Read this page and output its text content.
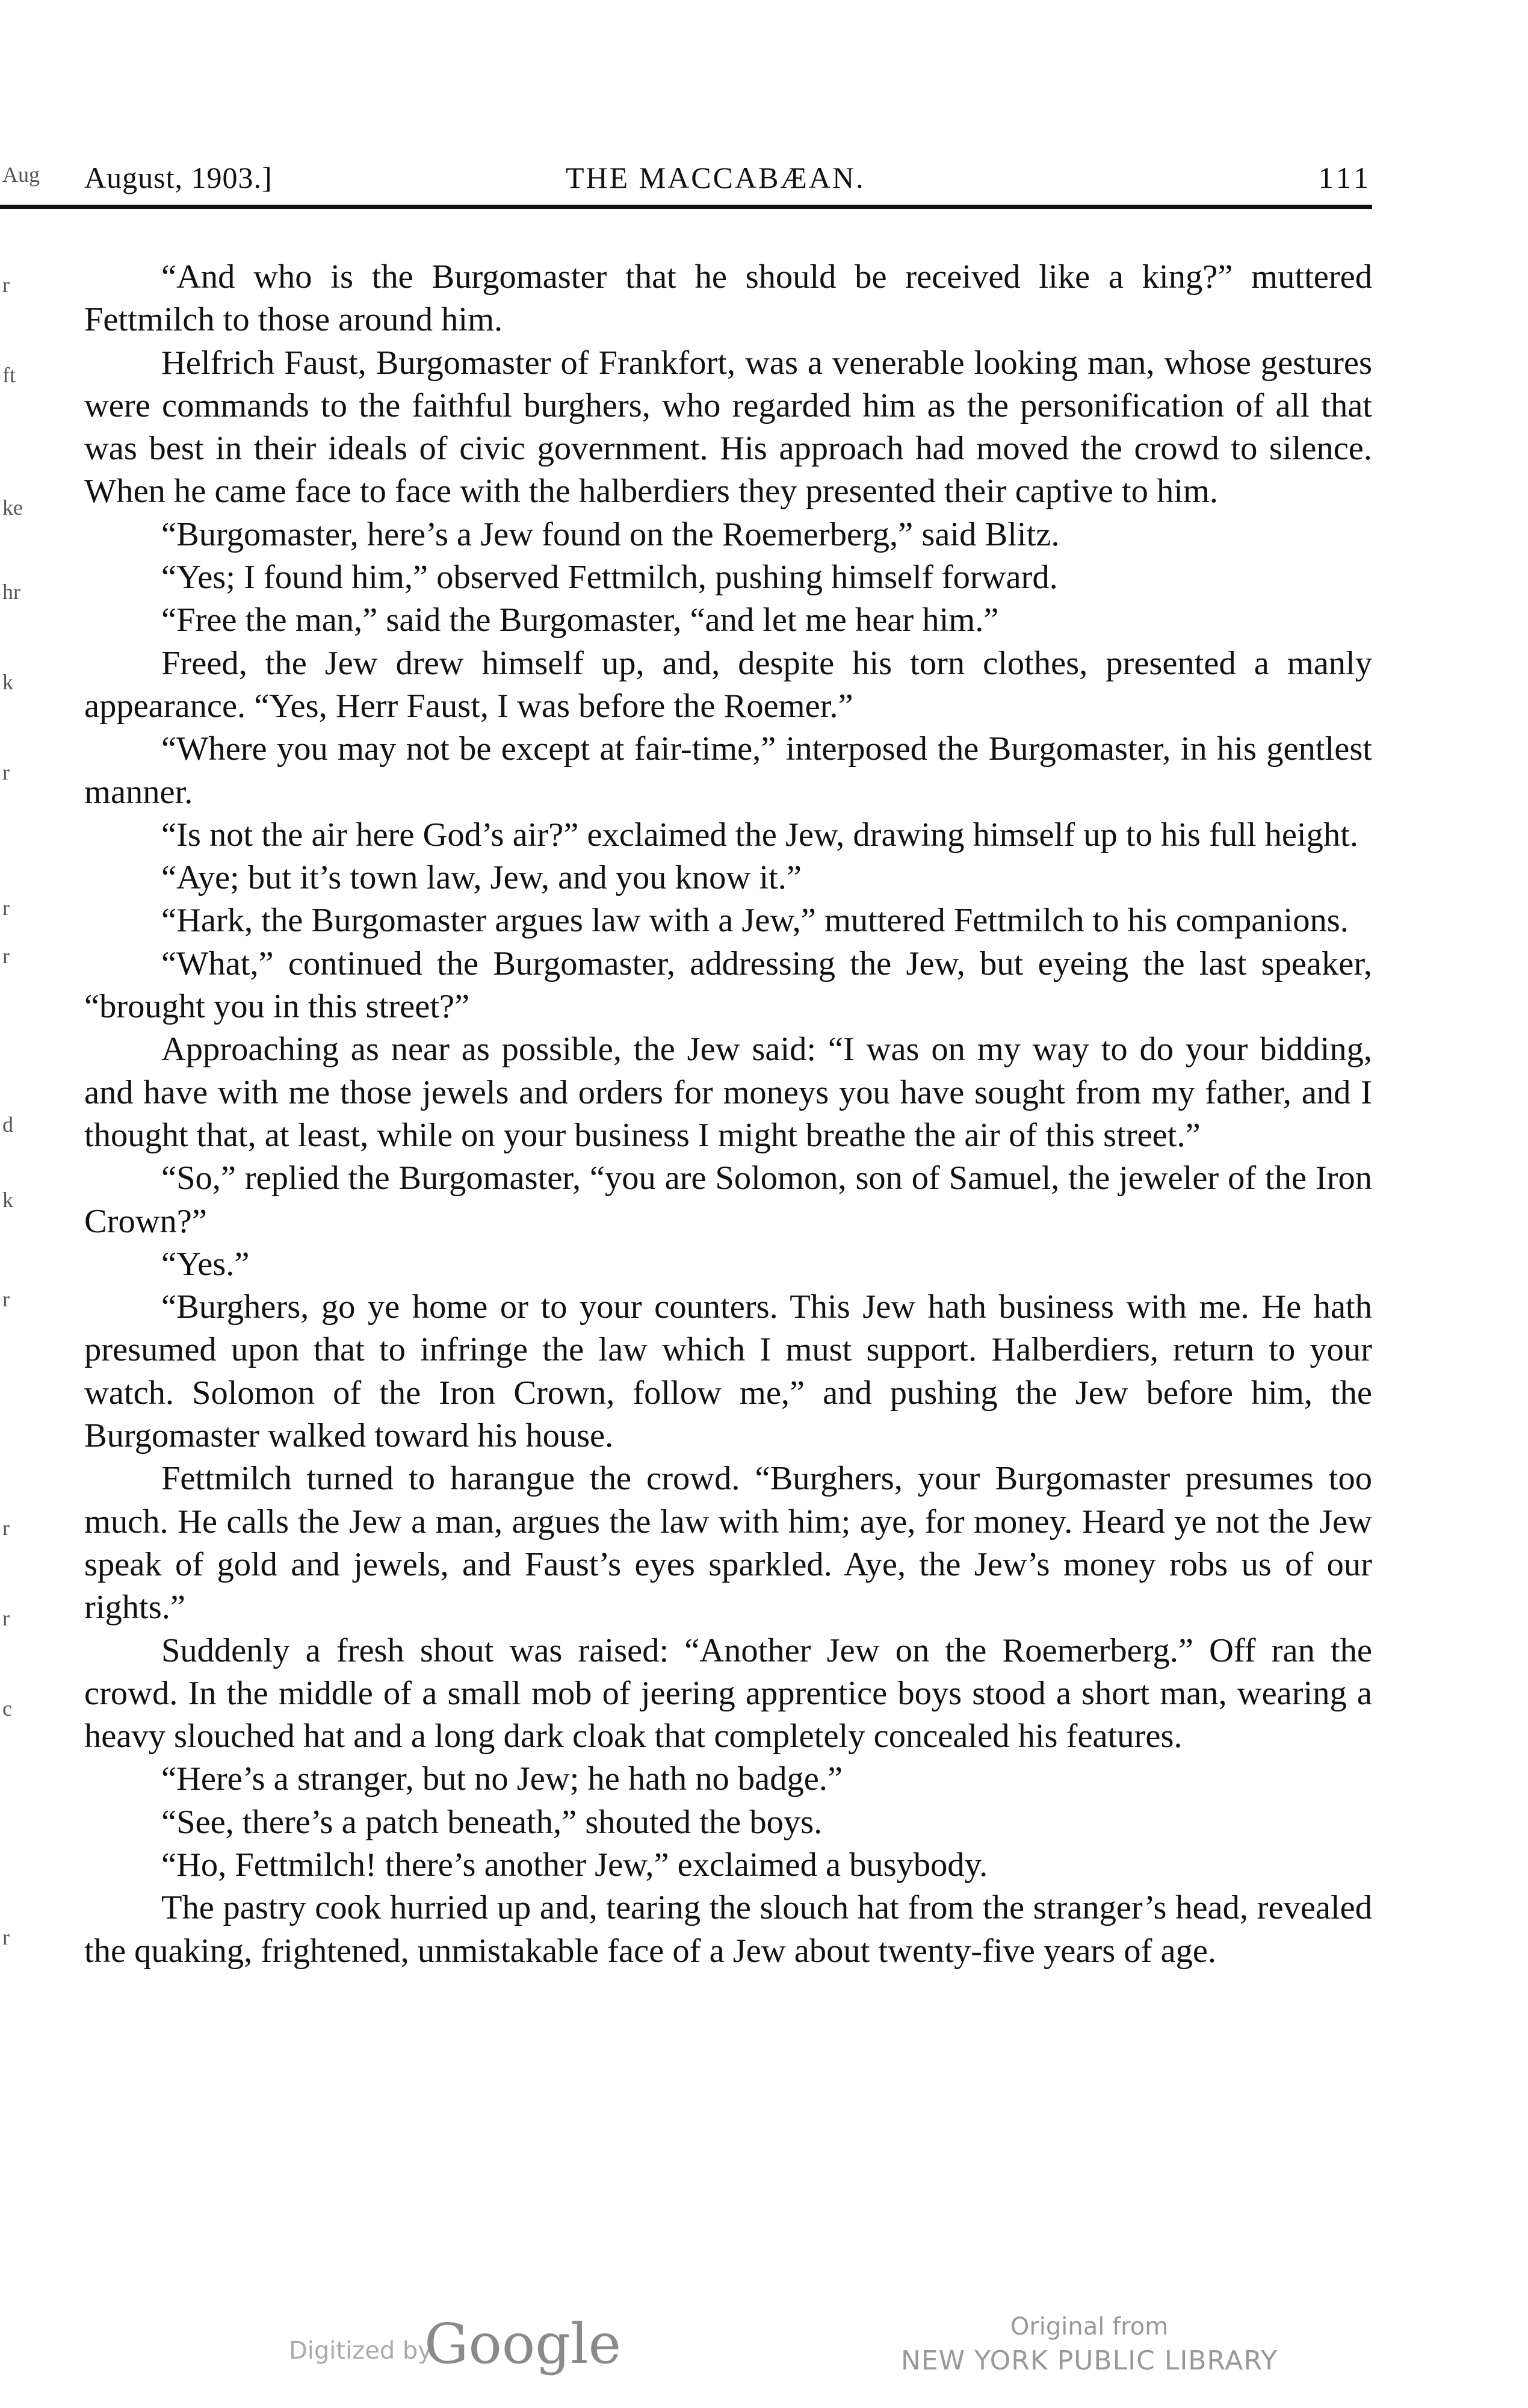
Aug
r
ft
ke
hr
k
r
r
r
d
k
r
r
r
c
r
August, 1903.]	THE MACCABÆAN.	111

“And who is the Burgomaster that he should be received like a king?” muttered Fettmilch to those around him.

Helfrich Faust, Burgomaster of Frankfort, was a venerable looking man, whose gestures were commands to the faithful burghers, who regarded him as the personification of all that was best in their ideals of civic government. His approach had moved the crowd to silence. When he came face to face with the halberdiers they presented their captive to him.

“Burgomaster, here’s a Jew found on the Roemerberg,” said Blitz.

“Yes; I found him,” observed Fettmilch, pushing himself forward.

“Free the man,” said the Burgomaster, “and let me hear him.”

Freed, the Jew drew himself up, and, despite his torn clothes, presented a manly appearance. “Yes, Herr Faust, I was before the Roemer.”

“Where you may not be except at fair-time,” interposed the Burgomaster, in his gentlest manner.

“Is not the air here God’s air?” exclaimed the Jew, drawing himself up to his full height.

“Aye; but it’s town law, Jew, and you know it.”

“Hark, the Burgomaster argues law with a Jew,” muttered Fettmilch to his companions.

“What,” continued the Burgomaster, addressing the Jew, but eyeing the last speaker, “brought you in this street?”

Approaching as near as possible, the Jew said: “I was on my way to do your bidding, and have with me those jewels and orders for moneys you have sought from my father, and I thought that, at least, while on your business I might breathe the air of this street.”

“So,” replied the Burgomaster, “you are Solomon, son of Samuel, the jeweler of the Iron Crown?”

“Yes.”

“Burghers, go ye home or to your counters. This Jew hath business with me. He hath presumed upon that to infringe the law which I must support. Halberdiers, return to your watch. Solomon of the Iron Crown, follow me,” and pushing the Jew before him, the Burgomaster walked toward his house.

Fettmilch turned to harangue the crowd. “Burghers, your Burgomaster presumes too much. He calls the Jew a man, argues the law with him; aye, for money. Heard ye not the Jew speak of gold and jewels, and Faust’s eyes sparkled. Aye, the Jew’s money robs us of our rights.”

Suddenly a fresh shout was raised: “Another Jew on the Roemerberg.” Off ran the crowd. In the middle of a small mob of jeering apprentice boys stood a short man, wearing a heavy slouched hat and a long dark cloak that completely concealed his features.

“Here’s a stranger, but no Jew; he hath no badge.”

“See, there’s a patch beneath,” shouted the boys.

“Ho, Fettmilch! there’s another Jew,” exclaimed a busybody.

The pastry cook hurried up and, tearing the slouch hat from the stranger’s head, revealed the quaking, frightened, unmistakable face of a Jew about twenty-five years of age.

Digitized by
Google	Original from
NEW YORK PUBLIC LIBRARY
